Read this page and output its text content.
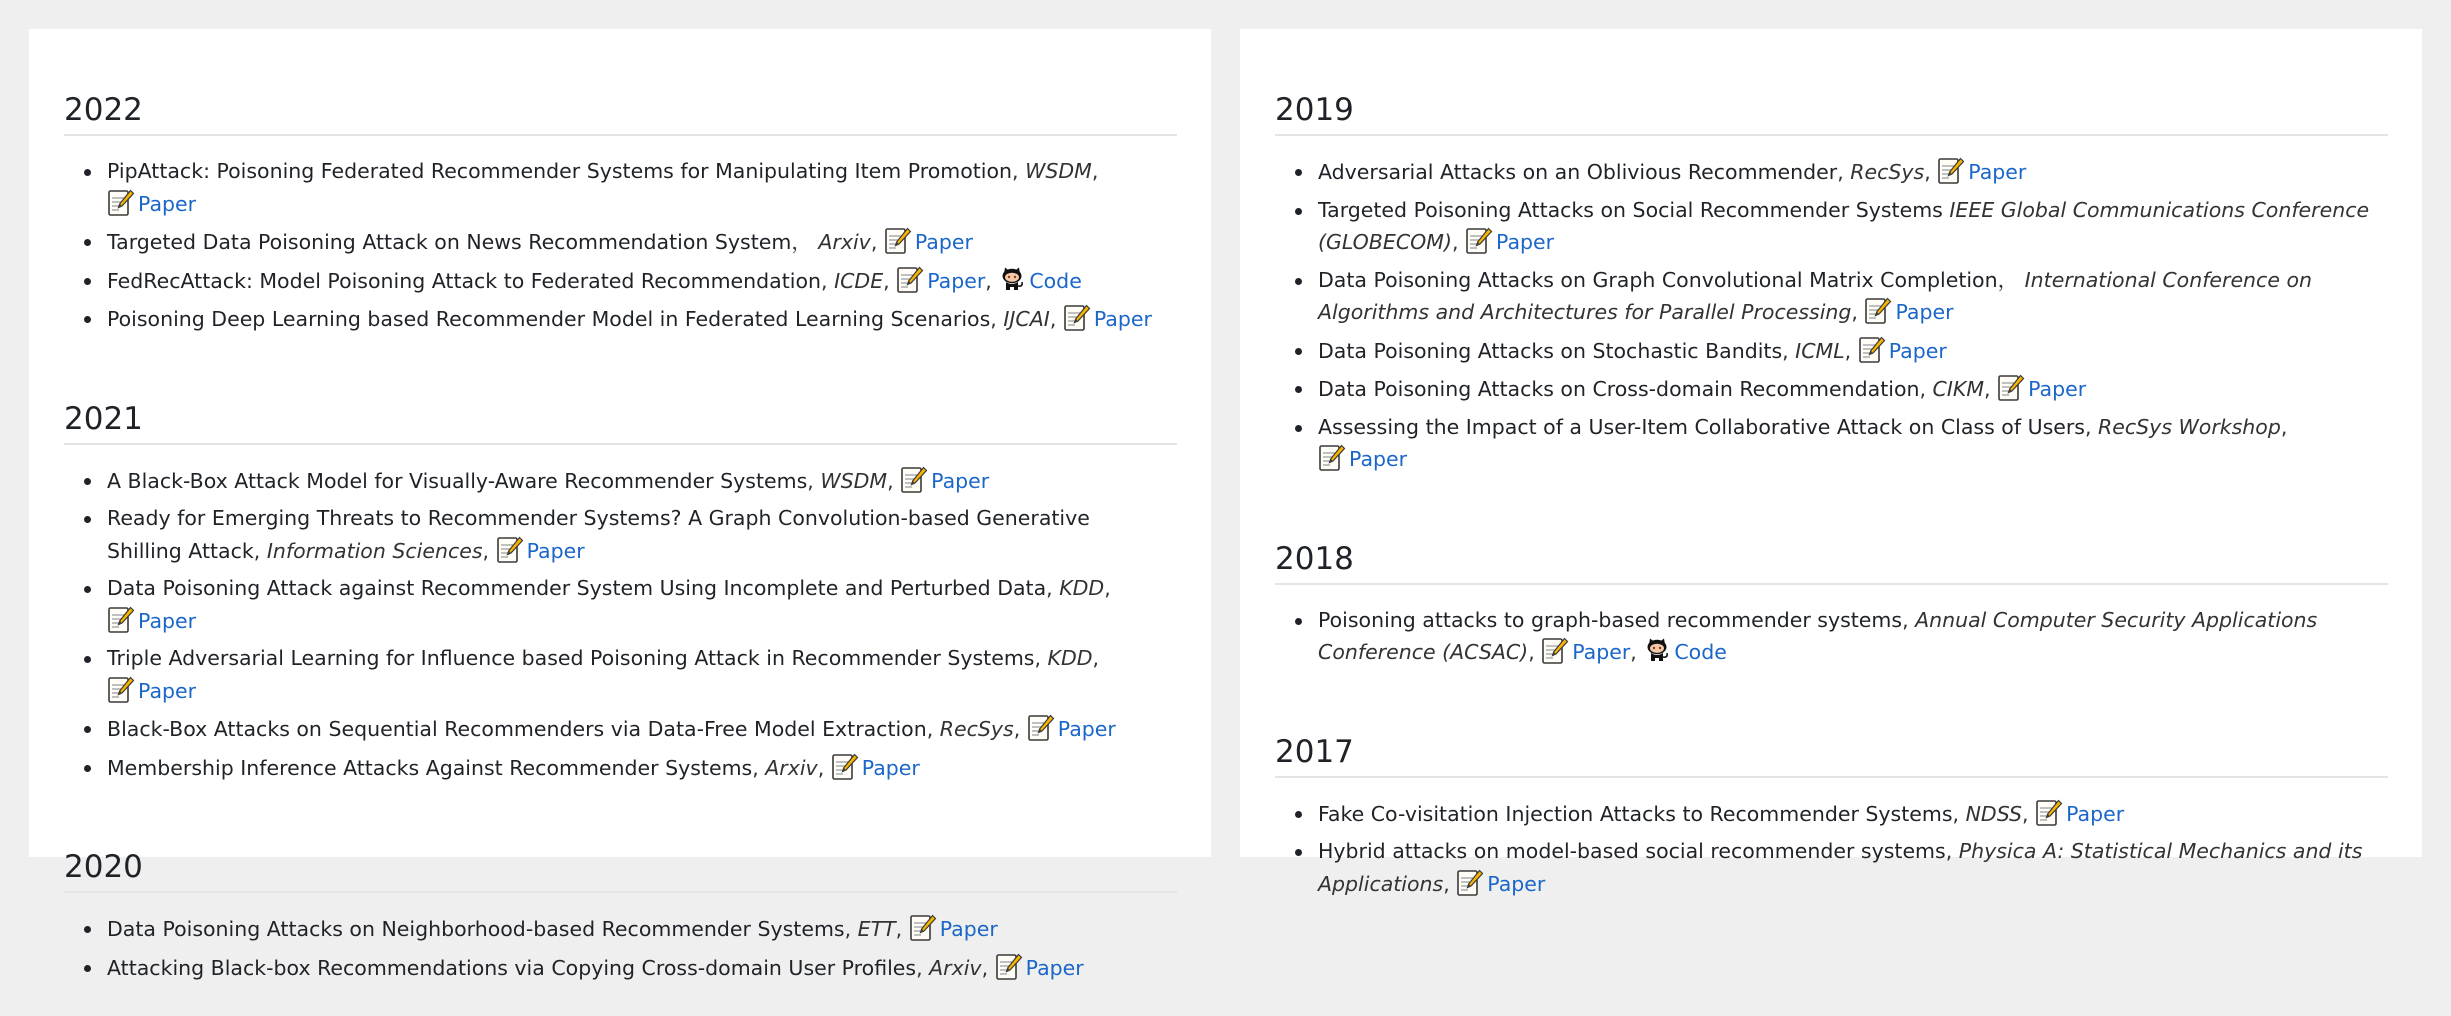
2022
PipAttack: Poisoning Federated Recommender Systems for Manipulating Item Promotion, WSDM, Paper
Targeted Data Poisoning Attack on News Recommendation System， Arxiv, Paper
FedRecAttack: Model Poisoning Attack to Federated Recommendation, ICDE, Paper, Code
Poisoning Deep Learning based Recommender Model in Federated Learning Scenarios, IJCAI, Paper
2021
A Black-Box Attack Model for Visually-Aware Recommender Systems, WSDM, Paper
Ready for Emerging Threats to Recommender Systems? A Graph Convolution-based Generative Shilling Attack, Information Sciences, Paper
Data Poisoning Attack against Recommender System Using Incomplete and Perturbed Data, KDD, Paper
Triple Adversarial Learning for Influence based Poisoning Attack in Recommender Systems, KDD, Paper
Black-Box Attacks on Sequential Recommenders via Data-Free Model Extraction, RecSys, Paper
Membership Inference Attacks Against Recommender Systems, Arxiv, Paper
2020
Data Poisoning Attacks on Neighborhood-based Recommender Systems, ETT, Paper
Attacking Black-box Recommendations via Copying Cross-domain User Profiles, Arxiv, Paper
2019
Adversarial Attacks on an Oblivious Recommender, RecSys, Paper
Targeted Poisoning Attacks on Social Recommender Systems IEEE Global Communications Conference (GLOBECOM), Paper
Data Poisoning Attacks on Graph Convolutional Matrix Completion， International Conference on Algorithms and Architectures for Parallel Processing, Paper
Data Poisoning Attacks on Stochastic Bandits, ICML, Paper
Data Poisoning Attacks on Cross-domain Recommendation, CIKM, Paper
Assessing the Impact of a User-Item Collaborative Attack on Class of Users, RecSys Workshop, Paper
2018
Poisoning attacks to graph-based recommender systems, Annual Computer Security Applications Conference (ACSAC), Paper, Code
2017
Fake Co-visitation Injection Attacks to Recommender Systems, NDSS, Paper
Hybrid attacks on model-based social recommender systems, Physica A: Statistical Mechanics and its Applications, Paper
